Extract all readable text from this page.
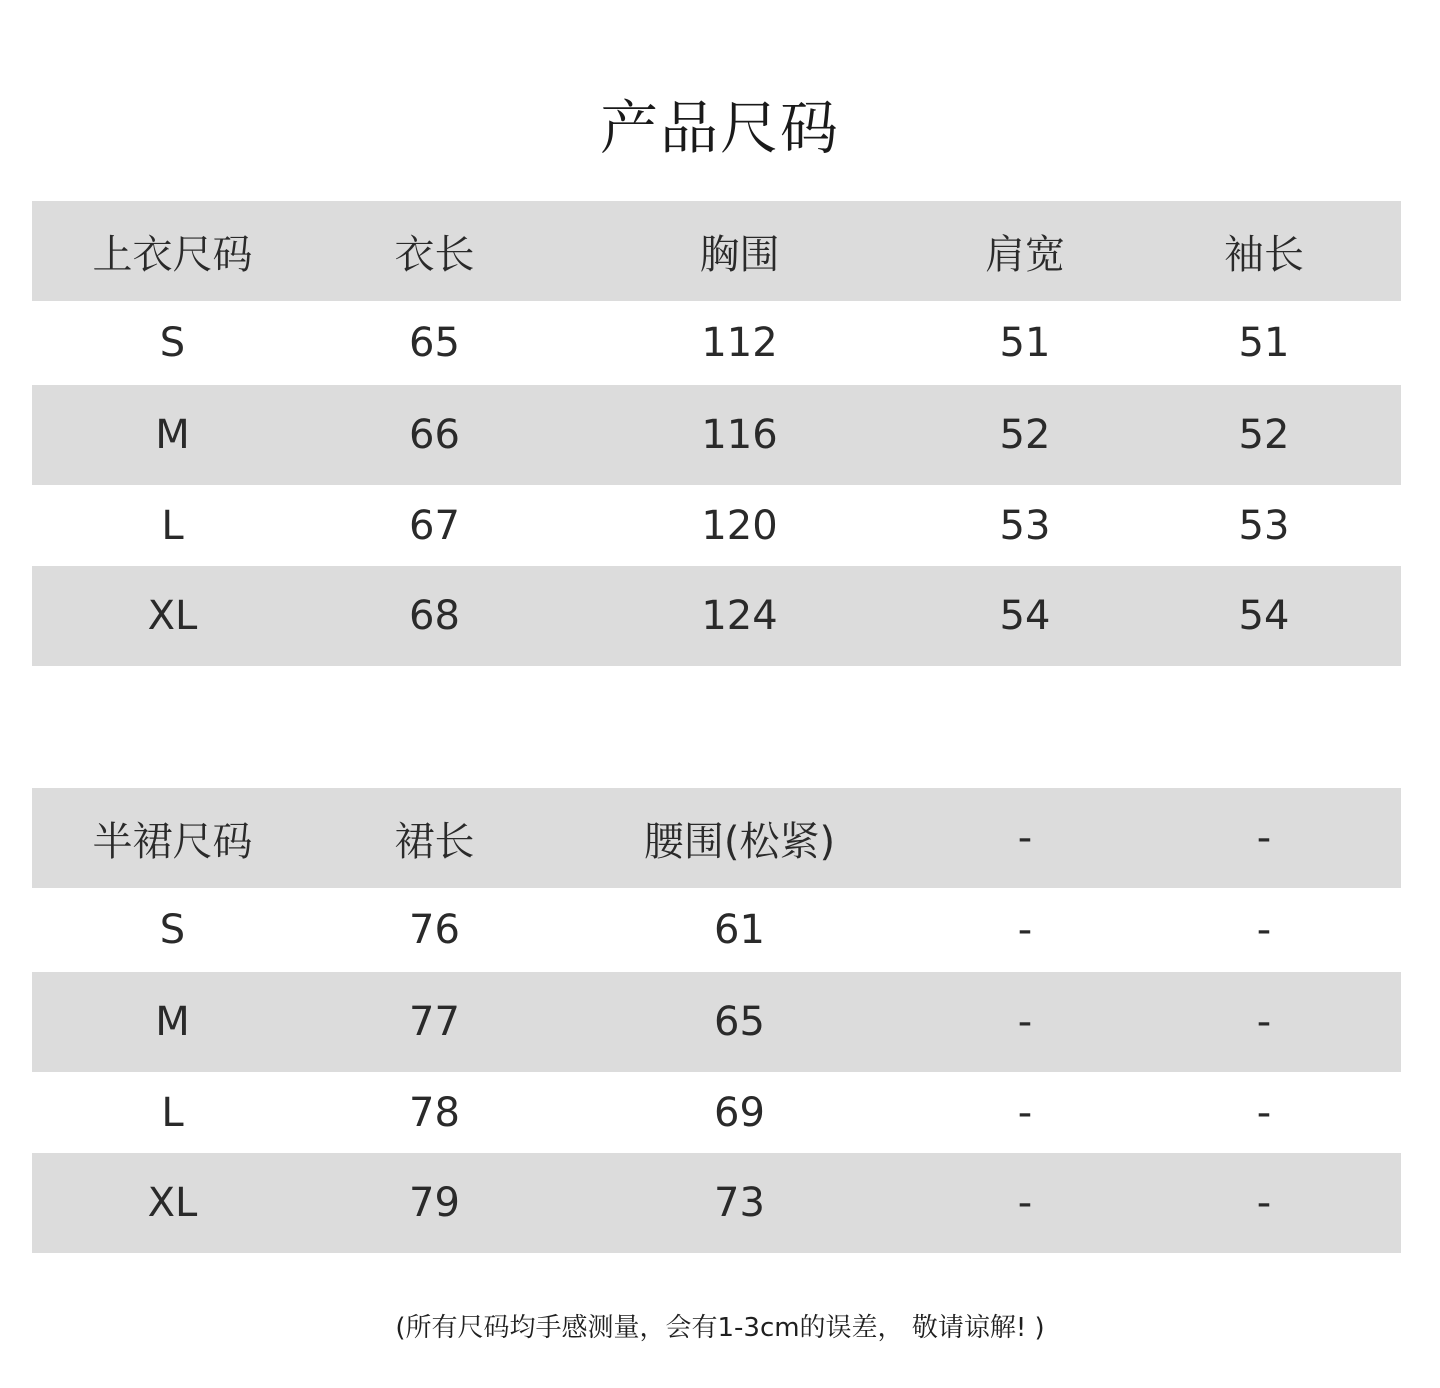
产品尺码
上衣尺码	衣长	胸围	肩宽	袖长
S	65	112	51	51
M	66	116	52	52
L	67	120	53	53
XL	68	124	54	54
半裙尺码	裙长	腰围(松紧)	-	-
S	76	61	-	-
M	77	65	-	-
L	78	69	-	-
XL	79	73	-	-
(所有尺码均手感测量，会有1-3cm的误差， 敬请谅解! )
